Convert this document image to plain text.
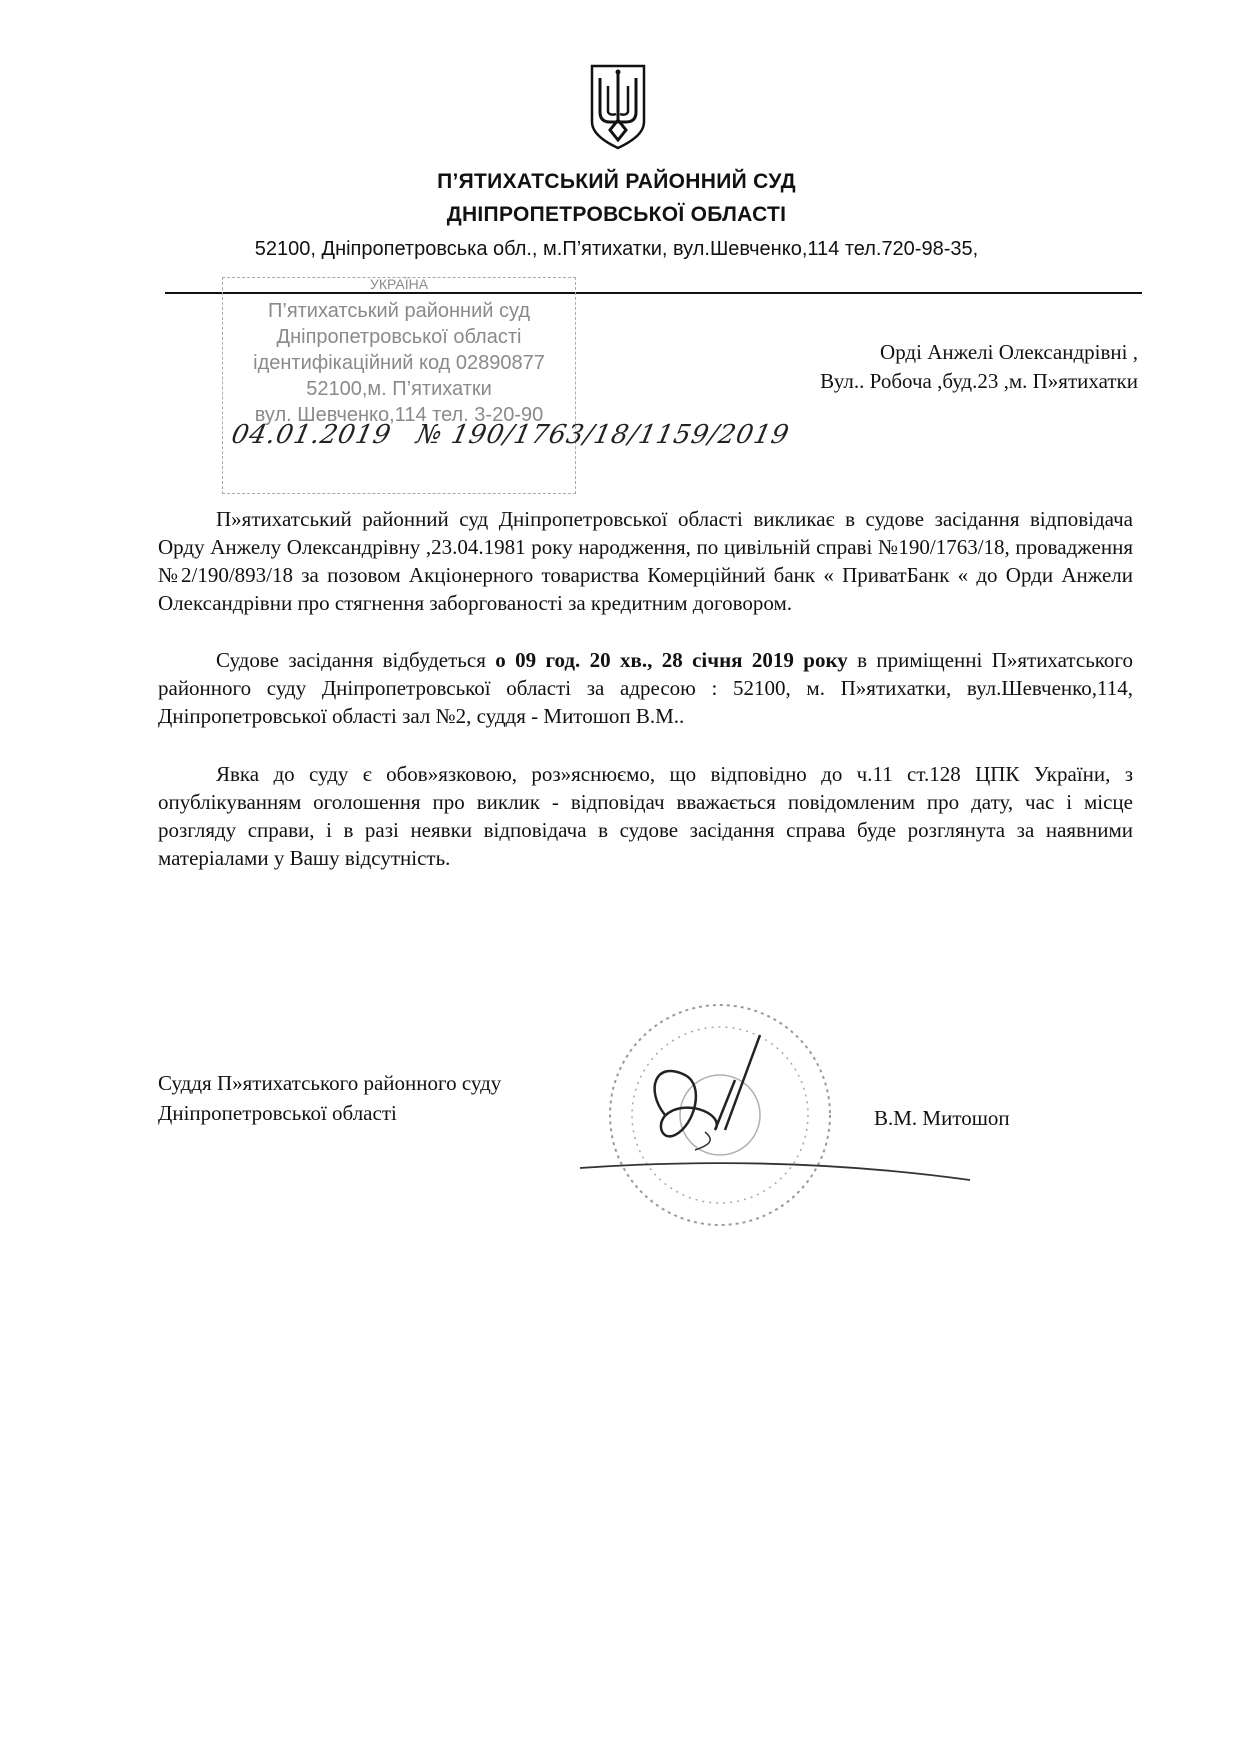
П’ЯТИХАТСЬКИЙ РАЙОННИЙ СУД
ДНІПРОПЕТРОВСЬКОЇ ОБЛАСТІ
52100, Дніпропетровська обл., м.П’ятихатки, вул.Шевченко,114 тел.720-98-35,
УКРАЇНА
П’ятихатський районний суд
Дніпропетровської області
ідентифікаційний код 02890877
52100,м. П’ятихатки
вул. Шевченко,114 тел. 3-20-90
04.01.2019 № 190/1763/18/1159/2019
Орді Анжелі Олександрівні ,
Вул.. Робоча ,буд.23 ,м. П»ятихатки
П»ятихатський районний суд Дніпропетровської області викликає в судове засідання відповідача Орду Анжелу Олександрівну ,23.04.1981 року народження, по цивільній справі №190/1763/18, провадження №2/190/893/18 за позовом Акціонерного товариства Комерційний банк « ПриватБанк « до Орди Анжели Олександрівни про стягнення заборгованості за кредитним договором.
Судове засідання відбудеться о 09 год. 20 хв., 28 січня 2019 року в приміщенні П»ятихатського районного суду Дніпропетровської області за адресою : 52100, м. П»ятихатки, вул.Шевченко,114, Дніпропетровської області зал №2, суддя - Митошоп В.М..
Явка до суду є обов»язковою, роз»яснюємо, що відповідно до ч.11 ст.128 ЦПК України, з опублікуванням оголошення про виклик - відповідач вважається повідомленим про дату, час і місце розгляду справи, і в разі неявки відповідача в судове засідання справа буде розглянута за наявними матеріалами у Вашу відсутність.
Суддя П»ятихатського районного суду
Дніпропетровської області	В.М. Митошоп
